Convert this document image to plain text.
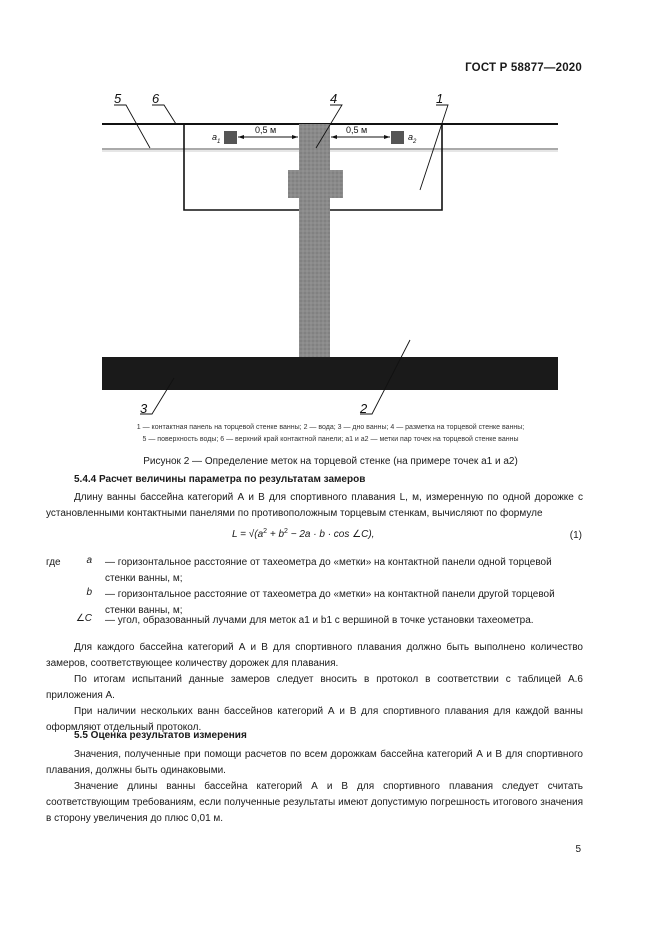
ГОСТ Р 58877—2020
0,5 м	0,5 м
$a_1$	$a_2$
5 6	4	1
3	2
1 — контактная панель на торцевой стенке ванны; 2 — вода; 3 — дно ванны; 4 — разметка на торцевой стенке ванны;
5 — поверхность воды; 6 — верхний край контактной панели; a1 и a2 — метки пар точек на торцевой стенке ванны
Рисунок 2 — Определение меток на торцевой стенке (на примере точек a1 и a2)
5.4.4 Расчет величины параметра по результатам замеров
Длину ванны бассейна категорий А и В для спортивного плавания L, м, измеренную по одной дорожке с установленными контактными панелями по противоположным торцевым стенкам, вычисляют по формуле
$L = √(a^2 + b^2 - 2a \cdot b \cdot \cos$ ∠C),	(1)
где	a — горизонтальное расстояние от тахеометра до «метки» на контактной панели одной торцевой стенки ванны, м;
b — горизонтальное расстояние от тахеометра до «метки» на контактной панели другой торцевой стенки ванны, м;
∠C — угол, образованный лучами для меток a1 и b1 с вершиной в точке установки тахеометра.
Для каждого бассейна категорий А и В для спортивного плавания должно быть выполнено количество замеров, соответствующее количеству дорожек для плавания.
По итогам испытаний данные замеров следует вносить в протокол в соответствии с таблицей А.6 приложения А.
При наличии нескольких ванн бассейнов категорий А и В для спортивного плавания для каждой ванны оформляют отдельный протокол.
5.5 Оценка результатов измерения
Значения, полученные при помощи расчетов по всем дорожкам бассейна категорий А и В для спортивного плавания, должны быть одинаковыми.
Значение длины ванны бассейна категорий А и В для спортивного плавания следует считать соответствующим требованиям, если полученные результаты имеют допустимую погрешность итогового значения в сторону увеличения до плюс 0,01 м.
5
